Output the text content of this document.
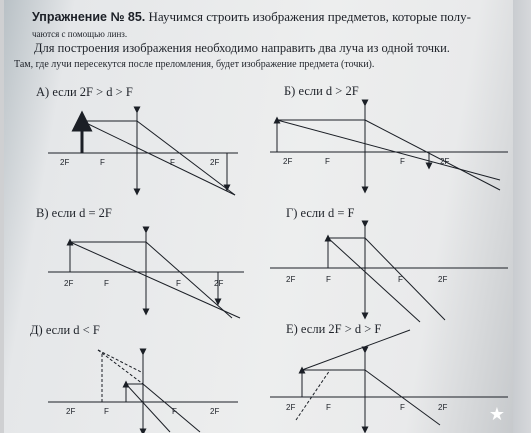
Упражнение № 85. Научимся строить изображения предметов, которые полу-
чаются с помощью линз.

Для построения изображения необходимо направить два луча из одной точки.
Там, где лучи пересекутся после преломления, будет изображение предмета (точки).

А) если 2F > d > F	Б) если d > 2F
В) если d = 2F	Г) если d = F
Д) если d < F	Е) если 2F > d > F
2F	F	F	2F	2F	F	F	2F
2F	F	F	2F	2F	F	F	2F
2F	F	F	2F	2F	F	F	2F ★
